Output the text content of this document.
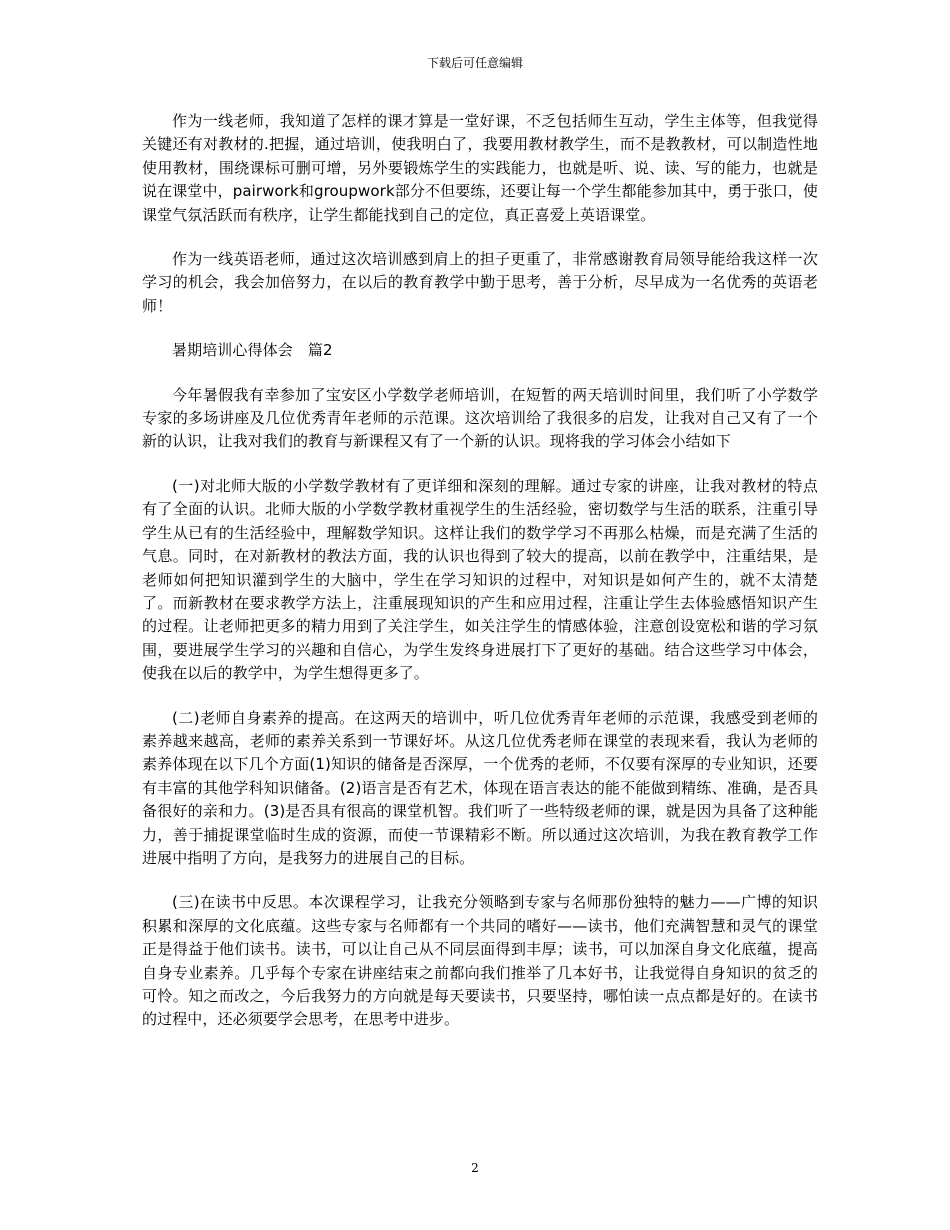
下载后可任意编辑

作为一线老师，我知道了怎样的课才算是一堂好课，不乏包括师生互动，学生主体等，但我觉得关键还有对教材的.把握，通过培训，使我明白了，我要用教材教学生，而不是教教材，可以制造性地使用教材，围绕课标可删可增，另外要锻炼学生的实践能力，也就是听、说、读、写的能力，也就是说在课堂中，pairwork和groupwork部分不但要练，还要让每一个学生都能参加其中，勇于张口，使课堂气氛活跃而有秩序，让学生都能找到自己的定位，真正喜爱上英语课堂。

作为一线英语老师，通过这次培训感到肩上的担子更重了，非常感谢教育局领导能给我这样一次学习的机会，我会加倍努力，在以后的教育教学中勤于思考，善于分析，尽早成为一名优秀的英语老师！

暑期培训心得体会　篇2

今年暑假我有幸参加了宝安区小学数学老师培训，在短暂的两天培训时间里，我们听了小学数学专家的多场讲座及几位优秀青年老师的示范课。这次培训给了我很多的启发，让我对自己又有了一个新的认识，让我对我们的教育与新课程又有了一个新的认识。现将我的学习体会小结如下

(一)对北师大版的小学数学教材有了更详细和深刻的理解。通过专家的讲座，让我对教材的特点有了全面的认识。北师大版的小学数学教材重视学生的生活经验，密切数学与生活的联系，注重引导学生从已有的生活经验中，理解数学知识。这样让我们的数学学习不再那么枯燥，而是充满了生活的气息。同时，在对新教材的教法方面，我的认识也得到了较大的提高，以前在教学中，注重结果，是老师如何把知识灌到学生的大脑中，学生在学习知识的过程中，对知识是如何产生的，就不太清楚了。而新教材在要求教学方法上，注重展现知识的产生和应用过程，注重让学生去体验感悟知识产生的过程。让老师把更多的精力用到了关注学生，如关注学生的情感体验，注意创设宽松和谐的学习氛围，要进展学生学习的兴趣和自信心，为学生发终身进展打下了更好的基础。结合这些学习中体会，使我在以后的教学中，为学生想得更多了。

(二)老师自身素养的提高。在这两天的培训中，听几位优秀青年老师的示范课，我感受到老师的素养越来越高，老师的素养关系到一节课好坏。从这几位优秀老师在课堂的表现来看，我认为老师的素养体现在以下几个方面(1)知识的储备是否深厚，一个优秀的老师，不仅要有深厚的专业知识，还要有丰富的其他学科知识储备。(2)语言是否有艺术，体现在语言表达的能不能做到精练、准确，是否具备很好的亲和力。(3)是否具有很高的课堂机智。我们听了一些特级老师的课，就是因为具备了这种能力，善于捕捉课堂临时生成的资源，而使一节课精彩不断。所以通过这次培训，为我在教育教学工作进展中指明了方向，是我努力的进展自己的目标。

(三)在读书中反思。本次课程学习，让我充分领略到专家与名师那份独特的魅力——广博的知识积累和深厚的文化底蕴。这些专家与名师都有一个共同的嗜好——读书，他们充满智慧和灵气的课堂正是得益于他们读书。读书，可以让自己从不同层面得到丰厚；读书，可以加深自身文化底蕴，提高自身专业素养。几乎每个专家在讲座结束之前都向我们推举了几本好书，让我觉得自身知识的贫乏的可怜。知之而改之，今后我努力的方向就是每天要读书，只要坚持，哪怕读一点点都是好的。在读书的过程中，还必须要学会思考，在思考中进步。

2
